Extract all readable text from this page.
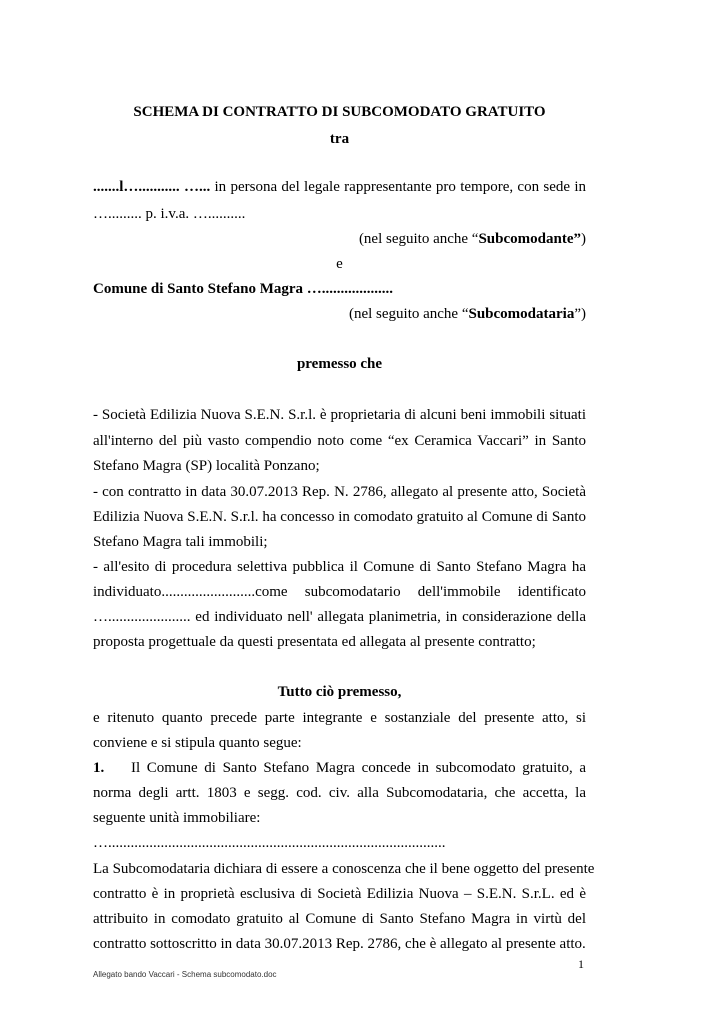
SCHEMA DI CONTRATTO DI SUBCOMODATO GRATUITO
tra
.......l…........... …... in persona del legale rappresentante pro tempore, con sede in
…......... p. i.v.a. …..........
(nel seguito anche “Subcomodante”)
e
Comune di Santo Stefano Magra …...................
(nel seguito anche “Subcomodataria”)
premesso che
- Società Edilizia Nuova S.E.N. S.r.l. è proprietaria di alcuni beni immobili situati
all'interno del più vasto compendio noto come “ex Ceramica Vaccari” in Santo
Stefano Magra (SP) località Ponzano;
- con contratto in data 30.07.2013 Rep. N. 2786, allegato al presente atto, Società
Edilizia Nuova S.E.N. S.r.l. ha concesso in comodato gratuito al Comune di Santo
Stefano Magra tali immobili;
- all'esito di procedura selettiva pubblica il Comune di Santo Stefano Magra ha
individuato.........................come subcomodatario dell'immobile identificato
…...................... ed individuato nell' allegata planimetria, in considerazione della
proposta progettuale da questi presentata ed allegata al presente contratto;
Tutto ciò premesso,
e ritenuto quanto precede parte integrante e sostanziale del presente atto, si
conviene e si stipula quanto segue:
1. Il Comune di Santo Stefano Magra concede in subcomodato gratuito, a
norma degli artt. 1803 e segg. cod. civ. alla Subcomodataria, che accetta, la
seguente unità immobiliare:
…..........................................................................................
La Subcomodataria dichiara di essere a conoscenza che il bene oggetto del presente
contratto è in proprietà esclusiva di Società Edilizia Nuova – S.E.N. S.r.L. ed è
attribuito in comodato gratuito al Comune di Santo Stefano Magra in virtù del
contratto sottoscritto in data 30.07.2013 Rep. 2786, che è allegato al presente atto.
1
Allegato bando Vaccari - Schema subcomodato.doc
